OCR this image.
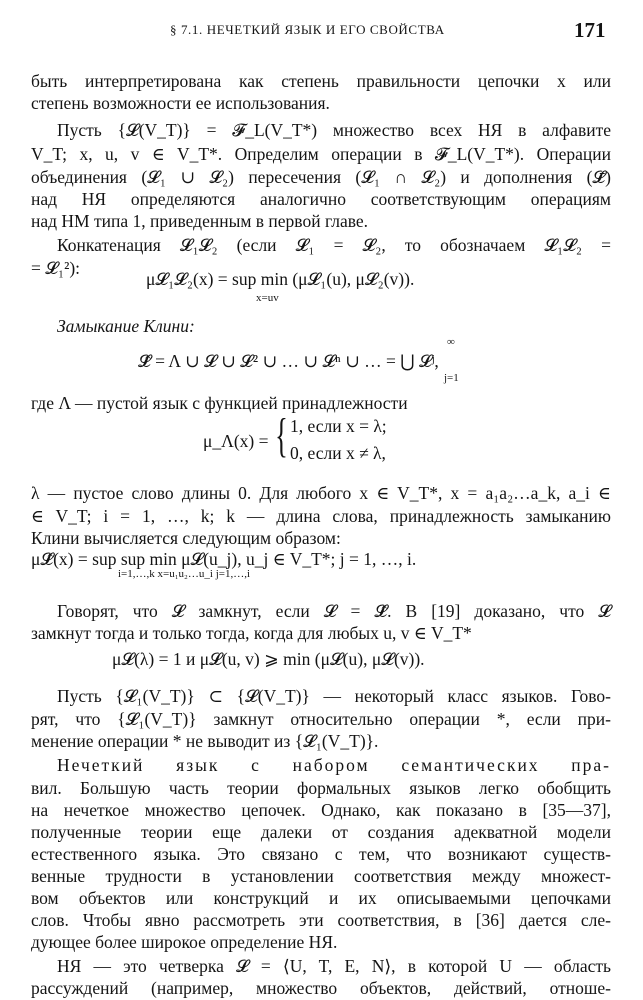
§ 7.1. НЕЧЕТКИЙ ЯЗЫК И ЕГО СВОЙСТВА	171
быть интерпретирована как степень правильности цепочки x или
степень возможности ее использования.
Пусть {𝓛(V_T)} = 𝓕_L(V_T*) множество всех НЯ в алфавите
V_T; x, u, v ∈ V_T*. Определим операции в 𝓕_L(V_T*). Операции
объединения (𝓛₁ ∪ 𝓛₂) пересечения (𝓛₁ ∩ 𝓛₂) и дополнения (𝓛̄)
над НЯ определяются аналогично соответствующим операциям
над НМ типа 1, приведенным в первой главе.
Конкатенация 𝓛₁𝓛₂ (если 𝓛₁ = 𝓛₂, то обозначаем 𝓛₁𝓛₂ =
= 𝓛₁²):
μ𝓛₁𝓛₂(x) = sup min (μ𝓛₁(u), μ𝓛₂(v)).
x=uv
Замыкание Клини:
𝓛̂ = Λ ∪ 𝓛 ∪ 𝓛² ∪ … ∪ 𝓛ⁿ ∪ … = ⋃ 𝓛ʲ,
∞
j=1
где Λ — пустой язык с функцией принадлежности
μ_Λ(x) = { 1, если x = λ;
0, если x ≠ λ,
λ — пустое слово длины 0. Для любого x ∈ V_T*, x = a₁a₂…a_k, a_i ∈
∈ V_T; i = 1, …, k; k — длина слова, принадлежность замыканию
Клини вычисляется следующим образом:
μ𝓛̂(x) = sup sup min μ𝓛(u_j), u_j ∈ V_T*; j = 1, …, i.
i=1,…,k x=u₁u₂…u_i j=1,…,i
Говорят, что 𝓛 замкнут, если 𝓛 = 𝓛̂. В [19] доказано, что 𝓛
замкнут тогда и только тогда, когда для любых u, v ∈ V_T*
μ𝓛(λ) = 1 и μ𝓛(u, v) ⩾ min (μ𝓛(u), μ𝓛(v)).
Пусть {𝓛₁(V_T)} ⊂ {𝓛(V_T)} — некоторый класс языков. Гово-
рят, что {𝓛₁(V_T)} замкнут относительно операции *, если при-
менение операции * не выводит из {𝓛₁(V_T)}.
Нечеткий язык с набором семантических пра-
вил. Большую часть теории формальных языков легко обобщить
на нечеткое множество цепочек. Однако, как показано в [35—37],
полученные теории еще далеки от создания адекватной модели
естественного языка. Это связано с тем, что возникают существ-
венные трудности в установлении соответствия между множест-
вом объектов или конструкций и их описываемыми цепочками
слов. Чтобы явно рассмотреть эти соответствия, в [36] дается сле-
дующее более широкое определение НЯ.
НЯ — это четверка 𝓛 = ⟨U, T, E, N⟩, в которой U — область
рассуждений (например, множество объектов, действий, отноше-
